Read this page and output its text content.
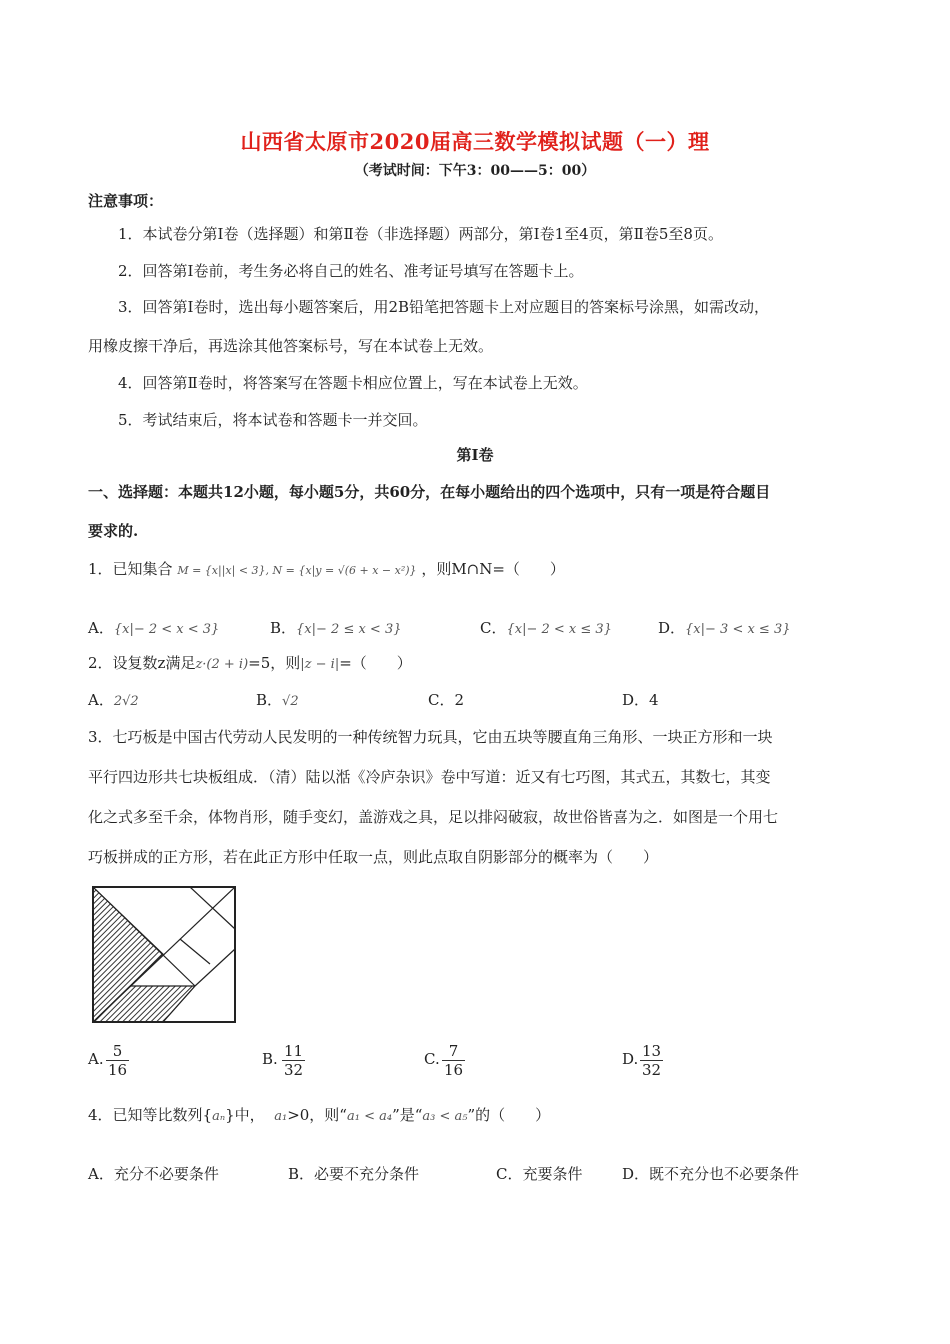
山西省太原市2020届高三数学模拟试题（一）理
（考试时间：下午3：00——5：00）
注意事项：
1．本试卷分第Ⅰ卷（选择题）和第Ⅱ卷（非选择题）两部分，第Ⅰ卷1至4页，第Ⅱ卷5至8页。
2．回答第Ⅰ卷前，考生务必将自己的姓名、准考证号填写在答题卡上。
3．回答第Ⅰ卷时，选出每小题答案后，用2B铅笔把答题卡上对应题目的答案标号涂黑，如需改动，
用橡皮擦干净后，再选涂其他答案标号，写在本试卷上无效。
4．回答第Ⅱ卷时，将答案写在答题卡相应位置上，写在本试卷上无效。
5．考试结束后，将本试卷和答题卡一并交回。
第Ⅰ卷
一、选择题：本题共12小题，每小题5分，共60分，在每小题给出的四个选项中，只有一项是符合题目
要求的.
1．已知集合 M = {x||x| < 3}, N = {x|y = √(6 + x − x²)} ，则M∩N=（　　）
A．{x|− 2 < x < 3}	B．{x|− 2 ≤ x < 3}	C．{x|− 2 < x ≤ 3}	D．{x|− 3 < x ≤ 3}
2．设复数z满足z·(2 + i)=5，则|z − i|=（　　）
A．2√2	B．√2	C．2	D．4
3．七巧板是中国古代劳动人民发明的一种传统智力玩具，它由五块等腰直角三角形、一块正方形和一块
平行四边形共七块板组成．（清）陆以湉《冷庐杂识》卷中写道：近又有七巧图，其式五，其数七，其变
化之式多至千余，体物肖形，随手变幻，盖游戏之具，足以排闷破寂，故世俗皆喜为之．如图是一个用七
巧板拼成的正方形，若在此正方形中任取一点，则此点取自阴影部分的概率为（　　）
A. $\frac{5}{16}$	B. $\frac{11}{32}$	C. $\frac{7}{16}$	D. $\frac{13}{32}$
4．已知等比数列{aₙ}中， a₁>0，则“a₁ < a₄”是“a₃ < a₅”的（　　）
A．充分不必要条件	B．必要不充分条件	C．充要条件	D．既不充分也不必要条件
